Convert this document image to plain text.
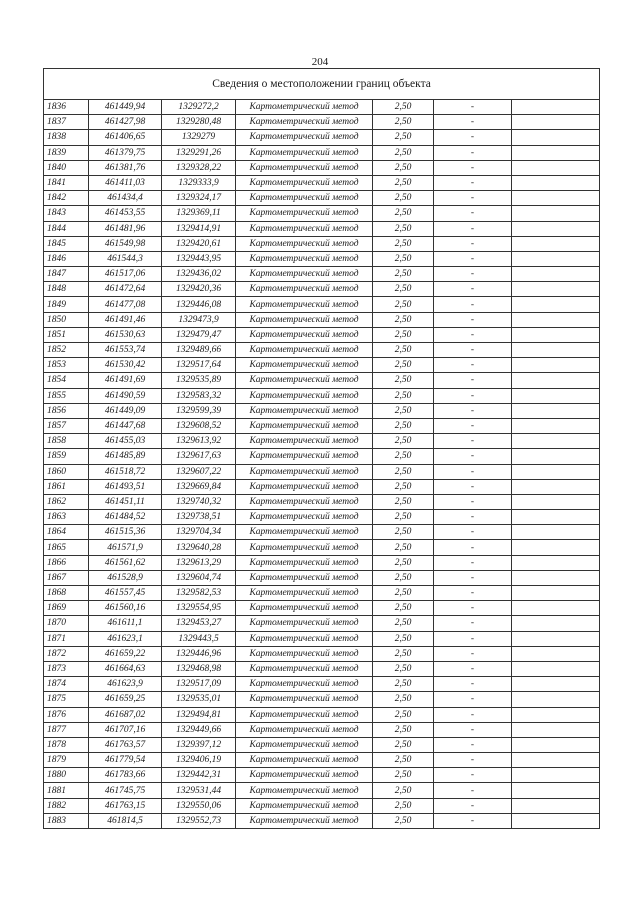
204
Сведения о местоположении границ объекта						
1836	461449,94	1329272,2	Картометрический метод	2,50	-	
1837	461427,98	1329280,48	Картометрический метод	2,50	-	
1838	461406,65	1329279	Картометрический метод	2,50	-	
1839	461379,75	1329291,26	Картометрический метод	2,50	-	
1840	461381,76	1329328,22	Картометрический метод	2,50	-	
1841	461411,03	1329333,9	Картометрический метод	2,50	-	
1842	461434,4	1329324,17	Картометрический метод	2,50	-	
1843	461453,55	1329369,11	Картометрический метод	2,50	-	
1844	461481,96	1329414,91	Картометрический метод	2,50	-	
1845	461549,98	1329420,61	Картометрический метод	2,50	-	
1846	461544,3	1329443,95	Картометрический метод	2,50	-	
1847	461517,06	1329436,02	Картометрический метод	2,50	-	
1848	461472,64	1329420,36	Картометрический метод	2,50	-	
1849	461477,08	1329446,08	Картометрический метод	2,50	-	
1850	461491,46	1329473,9	Картометрический метод	2,50	-	
1851	461530,63	1329479,47	Картометрический метод	2,50	-	
1852	461553,74	1329489,66	Картометрический метод	2,50	-	
1853	461530,42	1329517,64	Картометрический метод	2,50	-	
1854	461491,69	1329535,89	Картометрический метод	2,50	-	
1855	461490,59	1329583,32	Картометрический метод	2,50	-	
1856	461449,09	1329599,39	Картометрический метод	2,50	-	
1857	461447,68	1329608,52	Картометрический метод	2,50	-	
1858	461455,03	1329613,92	Картометрический метод	2,50	-	
1859	461485,89	1329617,63	Картометрический метод	2,50	-	
1860	461518,72	1329607,22	Картометрический метод	2,50	-	
1861	461493,51	1329669,84	Картометрический метод	2,50	-	
1862	461451,11	1329740,32	Картометрический метод	2,50	-	
1863	461484,52	1329738,51	Картометрический метод	2,50	-	
1864	461515,36	1329704,34	Картометрический метод	2,50	-	
1865	461571,9	1329640,28	Картометрический метод	2,50	-	
1866	461561,62	1329613,29	Картометрический метод	2,50	-	
1867	461528,9	1329604,74	Картометрический метод	2,50	-	
1868	461557,45	1329582,53	Картометрический метод	2,50	-	
1869	461560,16	1329554,95	Картометрический метод	2,50	-	
1870	461611,1	1329453,27	Картометрический метод	2,50	-	
1871	461623,1	1329443,5	Картометрический метод	2,50	-	
1872	461659,22	1329446,96	Картометрический метод	2,50	-	
1873	461664,63	1329468,98	Картометрический метод	2,50	-	
1874	461623,9	1329517,09	Картометрический метод	2,50	-	
1875	461659,25	1329535,01	Картометрический метод	2,50	-	
1876	461687,02	1329494,81	Картометрический метод	2,50	-	
1877	461707,16	1329449,66	Картометрический метод	2,50	-	
1878	461763,57	1329397,12	Картометрический метод	2,50	-	
1879	461779,54	1329406,19	Картометрический метод	2,50	-	
1880	461783,66	1329442,31	Картометрический метод	2,50	-	
1881	461745,75	1329531,44	Картометрический метод	2,50	-	
1882	461763,15	1329550,06	Картометрический метод	2,50	-	
1883	461814,5	1329552,73	Картометрический метод	2,50	-	
